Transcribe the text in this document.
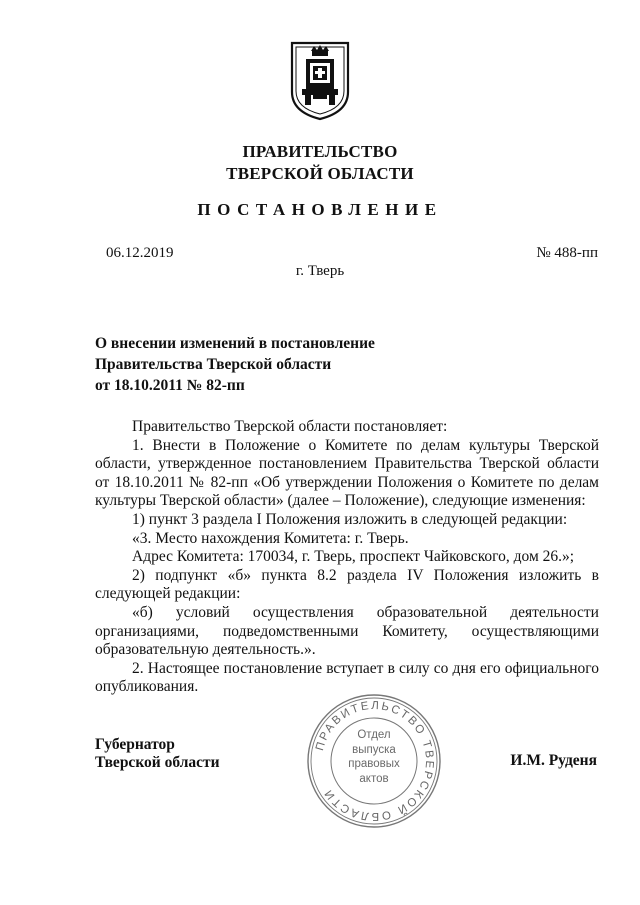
ПРАВИТЕЛЬСТВО
ТВЕРСКОЙ ОБЛАСТИ
ПОСТАНОВЛЕНИЕ
06.12.2019	№ 488-пп
г. Тверь
О внесении изменений в постановление
Правительства Тверской области
от 18.10.2011 № 82-пп

Правительство Тверской области постановляет:

1. Внести в Положение о Комитете по делам культуры Тверской области, утвержденное постановлением Правительства Тверской области от 18.10.2011 № 82-пп «Об утверждении Положения о Комитете по делам культуры Тверской области» (далее – Положение), следующие изменения:

1) пункт 3 раздела I Положения изложить в следующей редакции:

«3. Место нахождения Комитета: г. Тверь.

Адрес Комитета: 170034, г. Тверь, проспект Чайковского, дом 26.»;

2) подпункт «б» пункта 8.2 раздела IV Положения изложить в следующей редакции:

«б) условий осуществления образовательной деятельности

организациями, подведомственными Комитету, осуществляющими образовательную деятельность.».

2. Настоящее постановление вступает в силу со дня его официального опубликования.

Губернатор
Тверской области	И.М. Руденя
ПРАВИТЕЛЬСТВО ТВЕРСКОЙ ОБЛАСТИ
Отдел
выпуска
правовых
актов
